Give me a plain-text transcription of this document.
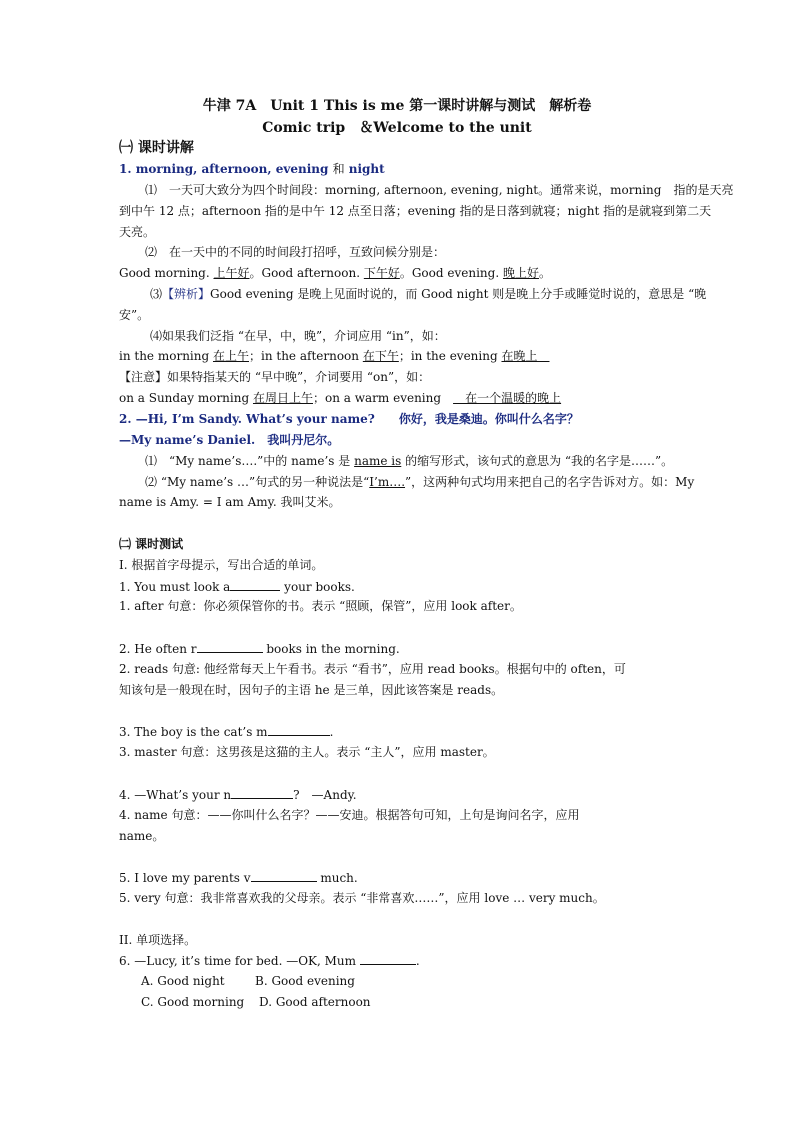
牛津 7A　Unit 1 This is me 第一课时讲解与测试　解析卷
Comic trip　＆Welcome to the unit
㈠ 课时讲解
1. morning, afternoon, evening 和 night
⑴　一天可大致分为四个时间段：morning, afternoon, evening, night。通常来说，morning　指的是天亮
到中午 12 点；afternoon 指的是中午 12 点至日落；evening 指的是日落到就寝；night 指的是就寝到第二天
天亮。
⑵　在一天中的不同的时间段打招呼，互致问候分别是：
Good morning. 上午好。Good afternoon. 下午好。Good evening. 晚上好。
⑶【辨析】Good evening 是晚上见面时说的，而 Good night 则是晚上分手或睡觉时说的，意思是 “晚
安”。
⑷如果我们泛指 “在早，中，晚”，介词应用 “in”，如：
in the morning 在上午；in the afternoon 在下午；in the evening 在晚上　
【注意】如果特指某天的 “早中晚”，介词要用 “on”，如：
on a Sunday morning 在周日上午；on a warm evening　　在一个温暖的晚上
2. —Hi, I’m Sandy. What’s your name?　　 你好，我是桑迪。你叫什么名字？
—My name’s Daniel.　 我叫丹尼尔。
⑴　“My name’s….”中的 name’s 是 name is 的缩写形式，该句式的意思为 “我的名字是……”。
⑵ “My name’s …”句式的另一种说法是“I’m….”，这两种句式均用来把自己的名字告诉对方。如：My
name is Amy. = I am Amy. 我叫艾米。
㈡ 课时测试
I. 根据首字母提示，写出合适的单词。
1. You must look a	your books.
1. after 句意：你必须保管你的书。表示 “照顾，保管”，应用 look after。
2. He often r	books in the morning.
2. reads 句意: 他经常每天上午看书。表示 “看书”，应用 read books。根据句中的 often，可
知该句是一般现在时，因句子的主语 he 是三单，因此该答案是 reads。
3. The boy is the cat’s m	.
3. master 句意：这男孩是这猫的主人。表示 “主人”，应用 master。
4. —What’s your n	?　—Andy.
4. name 句意：——你叫什么名字？——安迪。根据答句可知，上句是询问名字，应用
name。
5. I love my parents v	much.
5. very 句意：我非常喜欢我的父母亲。表示 “非常喜欢……”，应用 love … very much。
II. 单项选择。
6. —Lucy, it’s time for bed. —OK, Mum	.
A. Good night	B. Good evening
C. Good morning D. Good afternoon
